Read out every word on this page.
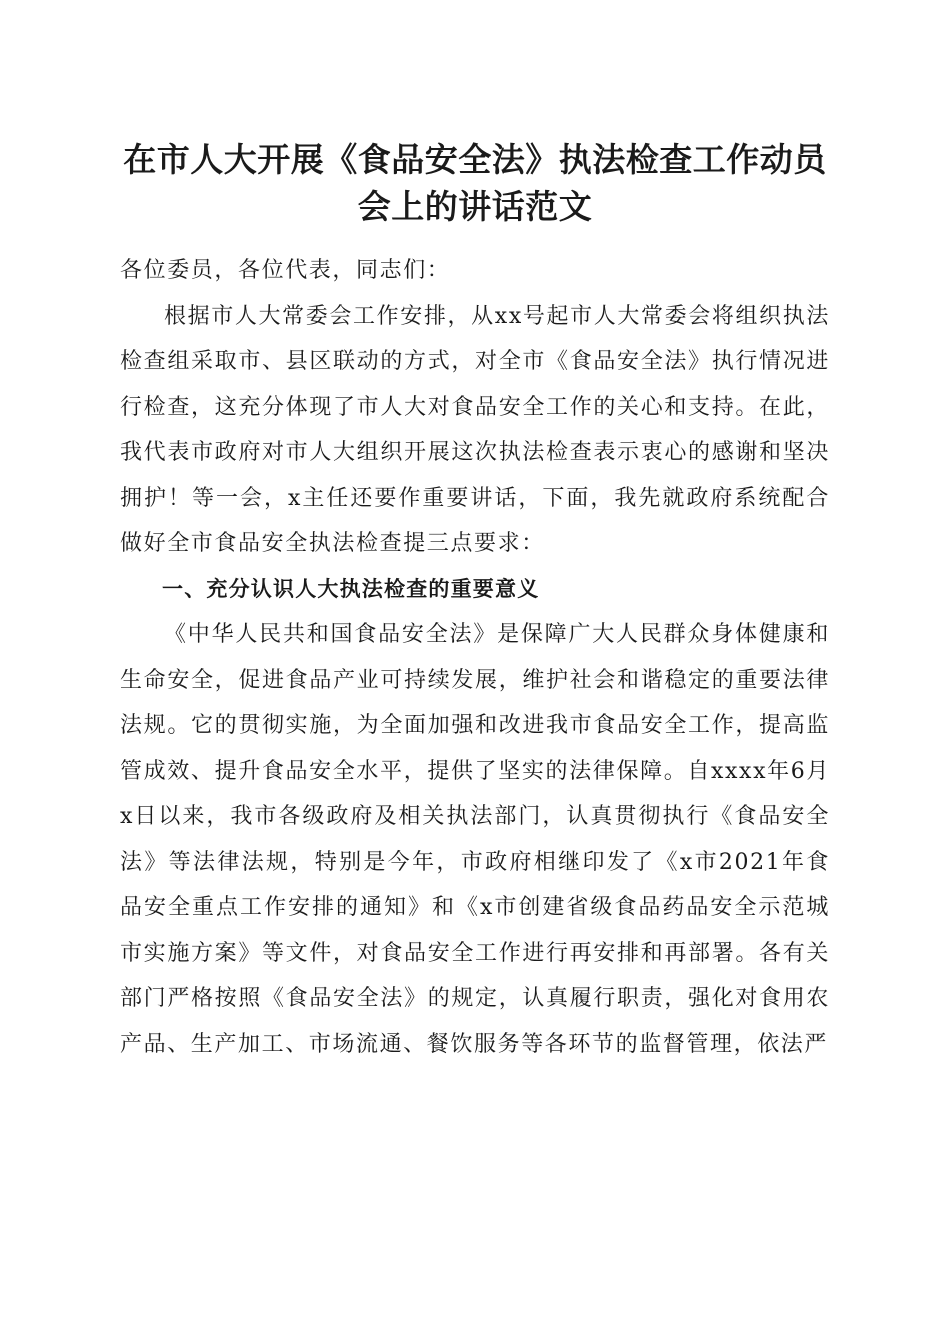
在市人大开展《食品安全法》执法检查工作动员会上的讲话范文

各位委员，各位代表，同志们：

根据市人大常委会工作安排，从xx号起市人大常委会将组织执法检查组采取市、县区联动的方式，对全市《食品安全法》执行情况进行检查，这充分体现了市人大对食品安全工作的关心和支持。在此，我代表市政府对市人大组织开展这次执法检查表示衷心的感谢和坚决拥护！等一会，x主任还要作重要讲话，下面，我先就政府系统配合做好全市食品安全执法检查提三点要求：

一、充分认识人大执法检查的重要意义

《中华人民共和国食品安全法》是保障广大人民群众身体健康和生命安全，促进食品产业可持续发展，维护社会和谐稳定的重要法律法规。它的贯彻实施，为全面加强和改进我市食品安全工作，提高监管成效、提升食品安全水平，提供了坚实的法律保障。自xxxx年6月x日以来，我市各级政府及相关执法部门，认真贯彻执行《食品安全法》等法律法规，特别是今年，市政府相继印发了《x市2021年食品安全重点工作安排的通知》和《x市创建省级食品药品安全示范城市实施方案》等文件，对食品安全工作进行再安排和再部署。各有关部门严格按照《食品安全法》的规定，认真履行职责，强化对食用农产品、生产加工、市场流通、餐饮服务等各环节的监督管理，依法严
